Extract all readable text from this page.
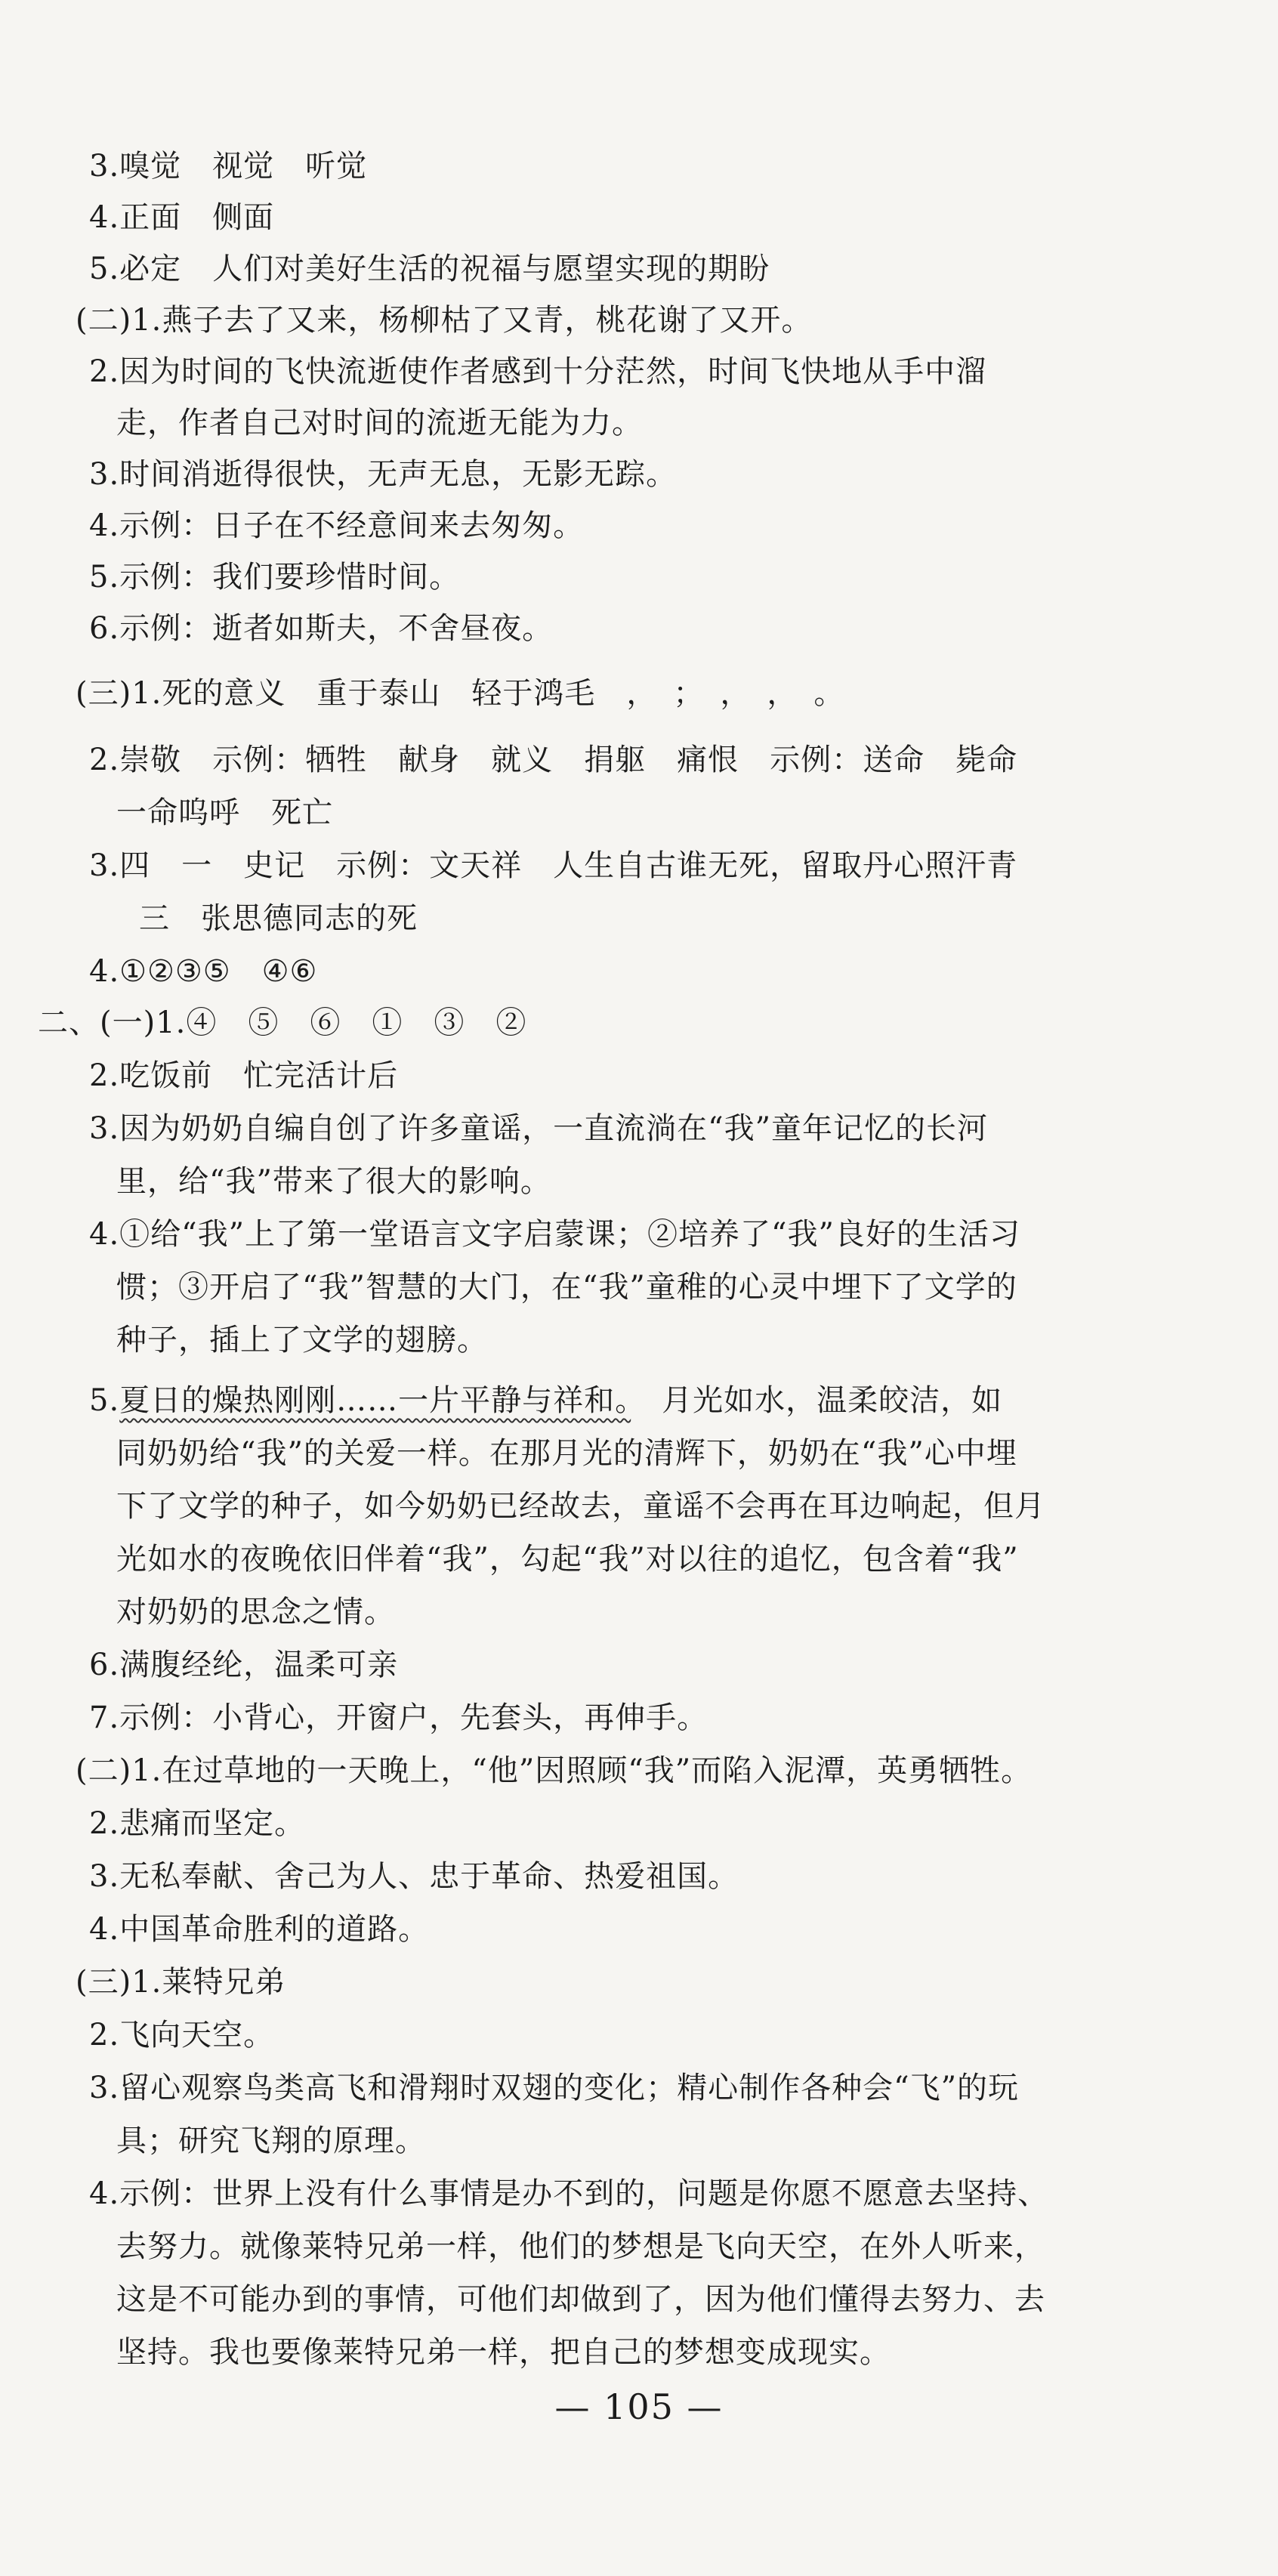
3.嗅觉　视觉　听觉
4.正面　侧面
5.必定　人们对美好生活的祝福与愿望实现的期盼
(二)1.燕子去了又来，杨柳枯了又青，桃花谢了又开。
2.因为时间的飞快流逝使作者感到十分茫然，时间飞快地从手中溜
走，作者自己对时间的流逝无能为力。
3.时间消逝得很快，无声无息，无影无踪。
4.示例：日子在不经意间来去匆匆。
5.示例：我们要珍惜时间。
6.示例：逝者如斯夫，不舍昼夜。
(三)1.死的意义　重于泰山　轻于鸿毛　，　；　，　，　。
2.崇敬　示例：牺牲　献身　就义　捐躯　痛恨　示例：送命　毙命
一命呜呼　死亡
3.四　一　史记　示例：文天祥　人生自古谁无死，留取丹心照汗青
三　张思德同志的死
4.①②③⑤　④⑥
二、(一)1.④　⑤　⑥　①　③　②
2.吃饭前　忙完活计后
3.因为奶奶自编自创了许多童谣，一直流淌在“我”童年记忆的长河
里，给“我”带来了很大的影响。
4.①给“我”上了第一堂语言文字启蒙课；②培养了“我”良好的生活习
惯；③开启了“我”智慧的大门，在“我”童稚的心灵中埋下了文学的
种子，插上了文学的翅膀。
5.夏日的燥热刚刚……一片平静与祥和。　月光如水，温柔皎洁，如
同奶奶给“我”的关爱一样。在那月光的清辉下，奶奶在“我”心中埋
下了文学的种子，如今奶奶已经故去，童谣不会再在耳边响起，但月
光如水的夜晚依旧伴着“我”，勾起“我”对以往的追忆，包含着“我”
对奶奶的思念之情。
6.满腹经纶，温柔可亲
7.示例：小背心，开窗户，先套头，再伸手。
(二)1.在过草地的一天晚上，“他”因照顾“我”而陷入泥潭，英勇牺牲。
2.悲痛而坚定。
3.无私奉献、舍己为人、忠于革命、热爱祖国。
4.中国革命胜利的道路。
(三)1.莱特兄弟
2.飞向天空。
3.留心观察鸟类高飞和滑翔时双翅的变化；精心制作各种会“飞”的玩
具；研究飞翔的原理。
4.示例：世界上没有什么事情是办不到的，问题是你愿不愿意去坚持、
去努力。就像莱特兄弟一样，他们的梦想是飞向天空，在外人听来，
这是不可能办到的事情，可他们却做到了，因为他们懂得去努力、去
坚持。我也要像莱特兄弟一样，把自己的梦想变成现实。
— 105 —
